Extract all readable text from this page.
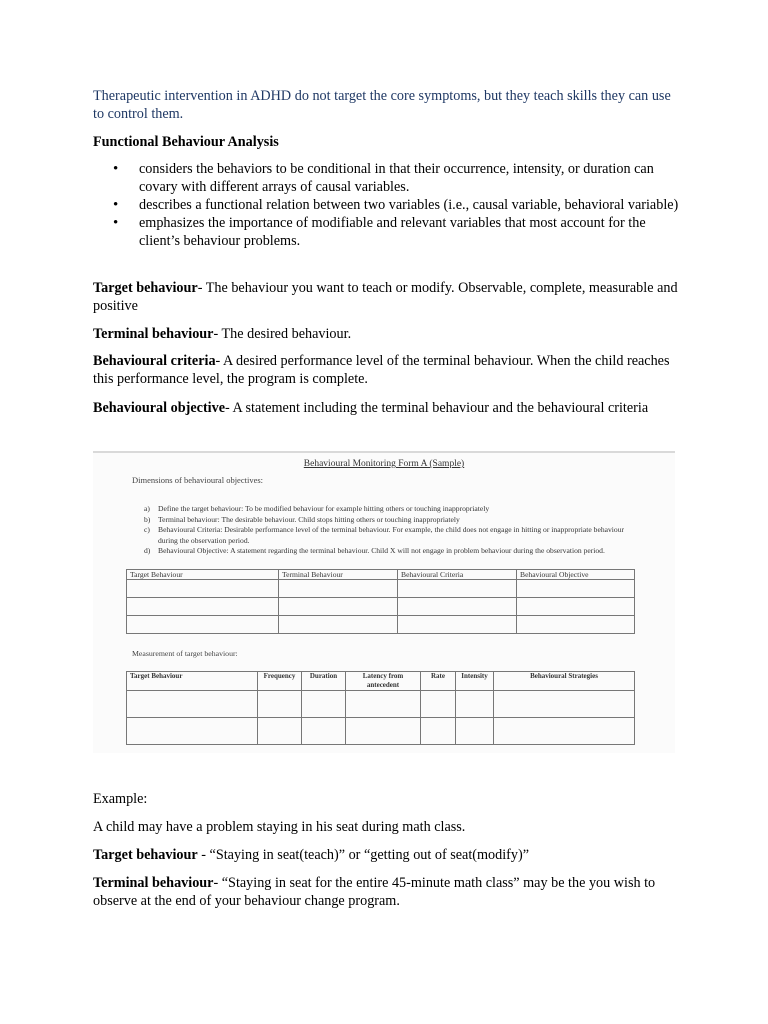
Therapeutic intervention in ADHD do not target the core symptoms, but they teach skills they can use to control them.

Functional Behaviour Analysis

• considers the behaviors to be conditional in that their occurrence, intensity, or duration can covary with different arrays of causal variables.
• describes a functional relation between two variables (i.e., causal variable, behavioral variable)
• emphasizes the importance of modifiable and relevant variables that most account for the client’s behaviour problems.

Target behaviour- The behaviour you want to teach or modify. Observable, complete, measurable and positive

Terminal behaviour- The desired behaviour.

Behavioural criteria- A desired performance level of the terminal behaviour. When the child reaches this performance level, the program is complete.

Behavioural objective- A statement including the terminal behaviour and the behavioural criteria

Example:

A child may have a problem staying in his seat during math class.

Target behaviour - “Staying in seat(teach)” or “getting out of seat(modify)”

Terminal behaviour- “Staying in seat for the entire 45-minute math class” may be the you wish to observe at the end of your behaviour change program.

Behavioural Monitoring Form A (Sample)
Dimensions of behavioural objectives:
a) Define the target behaviour: To be modified behaviour for example hitting others or touching inappropriately
b) Terminal behaviour: The desirable behaviour. Child stops hitting others or touching inappropriately
c) Behavioural Criteria: Desirable performance level of the terminal behaviour. For example, the child does not engage in hitting or inappropriate behaviour during the observation period.
d) Behavioural Objective: A statement regarding the terminal behaviour. Child X will not engage in problem behaviour during the observation period.
Target Behaviour	Terminal Behaviour	Behavioural Criteria	Behavioural Objective

Measurement of target behaviour:
Target Behaviour	Frequency	Duration	Latency from antecedent	Rate	Intensity	Behavioural Strategies
